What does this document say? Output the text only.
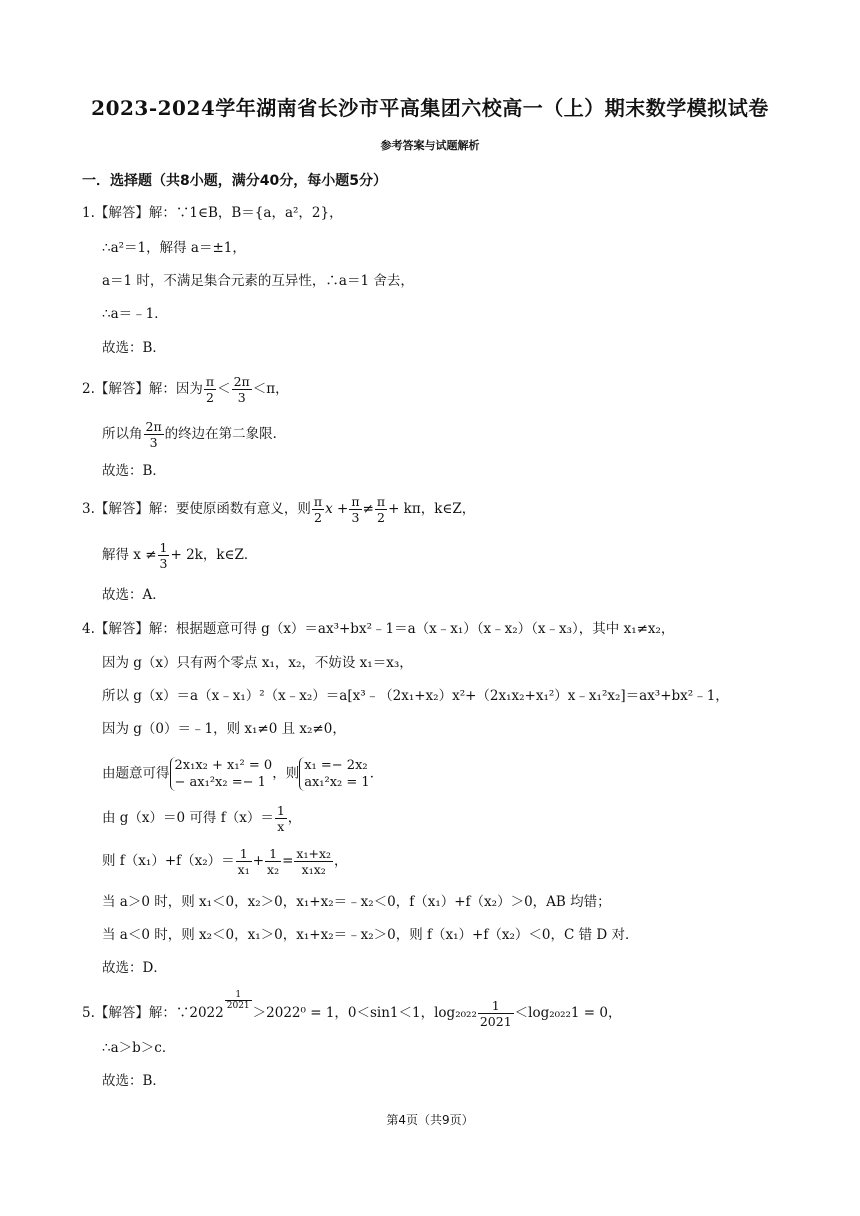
2023-2024学年湖南省长沙市平高集团六校高一（上）期末数学模拟试卷
参考答案与试题解析
一．选择题（共8小题，满分40分，每小题5分）
1.【解答】解：∵1∈B，B＝{a，a²，2}，
∴a²＝1，解得 a＝±1，
a＝1 时，不满足集合元素的互异性，∴a＝1 舍去，
∴a＝﹣1．
故选：B．
2.【解答】解：因为 $\frac{\pi}{2} < \frac{2\pi}{3} <\pi$，
所以角 $\frac{2\pi}{3}$ 的终边在第二象限．
故选：B．
3.【解答】解：要使原函数有意义，则 $\frac{\pi}{2}$ $x + \frac{\pi}{3} \ne \frac{\pi}{2} + k\pi$，k∈Z，
解得 $x \ne \frac{1}{3} + 2k$，k∈Z．
故选：A．
4.【解答】解：根据题意可得 g（x）＝ax³+bx²﹣1＝a（x﹣x₁）（x﹣x₂）（x﹣x₃），其中 x₁≠x₂，
因为 g（x）只有两个零点 x₁，x₂，不妨设 x₁＝x₃，
所以 g（x）＝a（x﹣x₁）²（x﹣x₂）＝a[x³﹣（2x₁+x₂）x²+（2x₁x₂+x₁²）x﹣x₁²x₂]＝ax³+bx²﹣1，
因为 g（0）＝﹣1，则 x₁≠0 且 x₂≠0，
由题意可得 2x₁x₂ + x₁² = 0
− ax₁²x₂ =− 1
，则 x₁ =− 2x₂
ax₁²x₂ = 1
．
由 g（x）＝0 可得 $f(x)= \frac{1}{x}$ ，
则 $f(x_1)+f(x_2)= \frac{1}{\text{x₁}} + \frac{1}{\text{x₂}} = \frac{\text{x₁+x₂}}{\text{x₁x₂}}$ ，
当 a＞0 时，则 x₁＜0，x₂＞0，x₁+x₂＝﹣x₂＜0，f（x₁）+f（x₂）＞0，AB 均错；
当 a＜0 时，则 x₂＜0，x₁＞0，x₁+x₂＝﹣x₂＞0，则 f（x₁）+f（x₂）＜0，C 错 D 对．
故选：D．
5.【解答】解：∵2022
$^{\frac{1}{2021}}$
＞2022⁰ = 1，0＜sin1＜1，$\log_{2022} \frac{1}{2021} <\log_{2022}1 = 0$，
∴a＞b＞c．
故选：B．
第4页（共9页）
